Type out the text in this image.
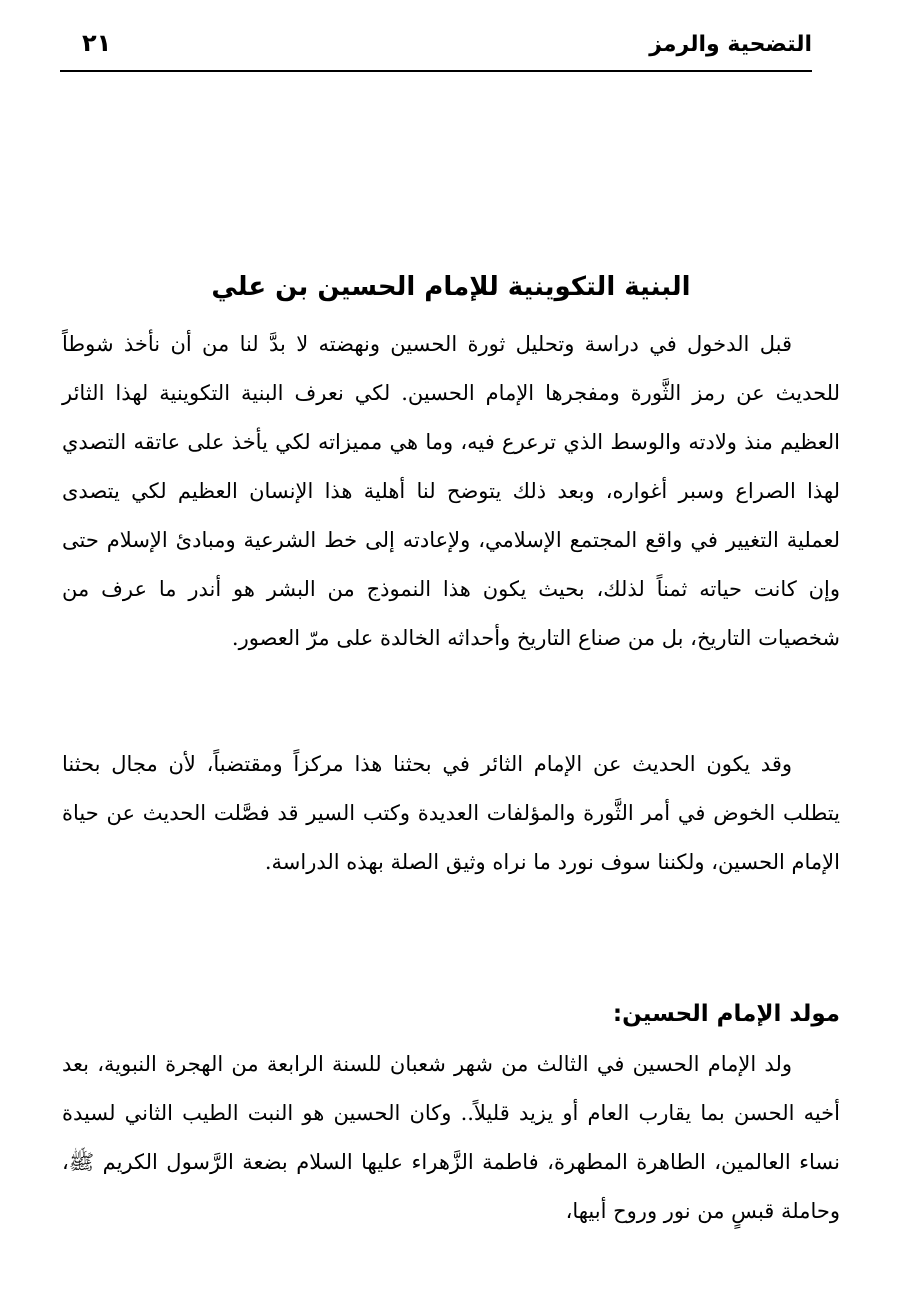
التضحية والرمز
٢١
البنية التكوينية للإمام الحسين بن علي

قبل الدخول في دراسة وتحليل ثورة الحسين ونهضته لا بدَّ لنا من أن نأخذ شوطاً للحديث عن رمز الثَّورة ومفجرها الإمام الحسين. لكي نعرف البنية التكوينية لهذا الثائر العظيم منذ ولادته والوسط الذي ترعرع فيه، وما هي مميزاته لكي يأخذ على عاتقه التصدي لهذا الصراع وسبر أغواره، وبعد ذلك يتوضح لنا أهلية هذا الإنسان العظيم لكي يتصدى لعملية التغيير في واقع المجتمع الإسلامي، ولإعادته إلى خط الشرعية ومبادئ الإسلام حتى وإن كانت حياته ثمناً لذلك، بحيث يكون هذا النموذج من البشر هو أندر ما عرف من شخصيات التاريخ، بل من صناع التاريخ وأحداثه الخالدة على مرّ العصور.

وقد يكون الحديث عن الإمام الثائر في بحثنا هذا مركزاً ومقتضباً، لأن مجال بحثنا يتطلب الخوض في أمر الثَّورة والمؤلفات العديدة وكتب السير قد فصَّلت الحديث عن حياة الإمام الحسين، ولكننا سوف نورد ما نراه وثيق الصلة بهذه الدراسة.

مولد الإمام الحسين:

ولد الإمام الحسين في الثالث من شهر شعبان للسنة الرابعة من الهجرة النبوية، بعد أخيه الحسن بما يقارب العام أو يزيد قليلاً.. وكان الحسين هو النبت الطيب الثاني لسيدة نساء العالمين، الطاهرة المطهرة، فاطمة الزَّهراء عليها السلام بضعة الرَّسول الكريم ﷺ، وحاملة قبسٍ من نور وروح أبيها،
